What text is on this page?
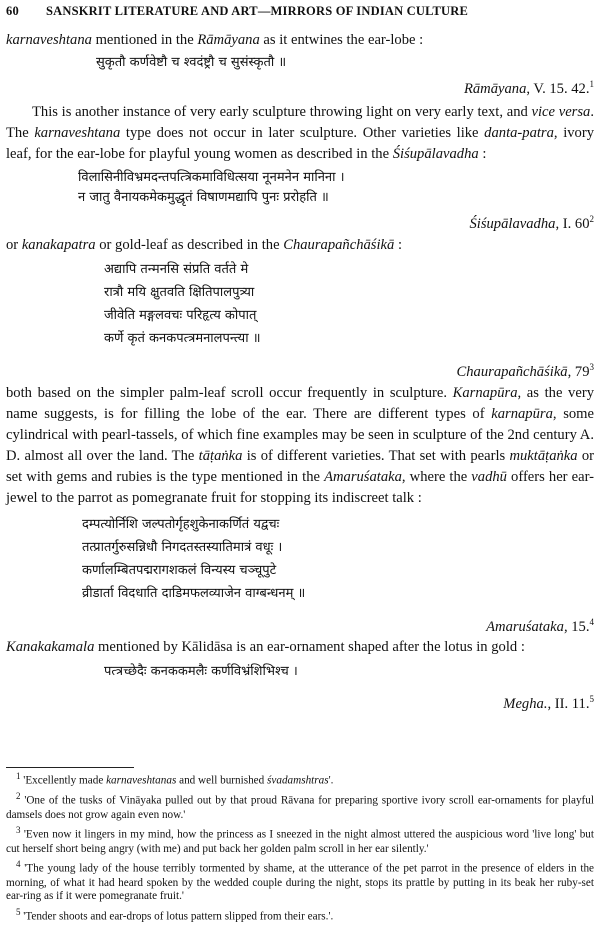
60 SANSKRIT LITERATURE AND ART—MIRRORS OF INDIAN CULTURE

karnaveshtana mentioned in the Rāmāyana as it entwines the ear-lobe :

सुकृतौ कर्णवेष्टौ च श्वदंष्ट्रौ च सुसंस्कृतौ ॥
Rāmāyana, V. 15. 42.$^1$

This is another instance of very early sculpture throwing light on very early text, and vice versa. The karnaveshtana type does not occur in later sculpture. Other varieties like danta-patra, ivory leaf, for the ear-lobe for playful young women as described in the Śiśupālavadha :

विलासिनीविभ्रमदन्तपत्त्रिकमाविधित्सया नूनमनेन मानिना ।
न जातु वैनायकमेकमुद्धृतं विषाणमद्यापि पुनः प्ररोहति ॥
Śiśupālavadha, I. $60^2$

or kanakapatra or gold-leaf as described in the Chaurapañchāśikā :

अद्यापि तन्मनसि संप्रति वर्तते मे
रात्रौ मयि क्षुतवति क्षितिपालपुत्र्या
जीवेति मङ्गलवचः परिहृत्य कोपात्
कर्णे कृतं कनकपत्त्रमनालपन्त्या ॥
Chaurapañchāśikā, $79^3$

both based on the simpler palm-leaf scroll occur frequently in sculpture. Karnapūra, as the very name suggests, is for filling the lobe of the ear. There are different types of karnapūra, some cylindrical with pearl-tassels, of which fine examples may be seen in sculpture of the 2nd century A. D. almost all over the land. The tāṭaṅka is of different varieties. That set with pearls muktāṭaṅka or set with gems and rubies is the type mentioned in the Amaruśataka, where the vadhū offers her ear-jewel to the parrot as pomegranate fruit for stopping its indiscreet talk :

दम्पत्योर्निशि जल्पतोर्गृहशुकेनाकर्णितं यद्वचः
तत्प्रातर्गुरुसन्निधौ निगदतस्तस्यातिमात्रं वधूः ।
कर्णालम्बितपद्मरागशकलं विन्यस्य चञ्चूपुटे
व्रीडार्ता विदधाति दाडिमफलव्याजेन वाग्बन्धनम् ॥
Amaruśataka, 15.$^4$

Kanakakamala mentioned by Kālidāsa is an ear-ornament shaped after the lotus in gold :

पत्त्रच्छेदैः कनककमलैः कर्णविभ्रंशिभिश्च ।
Megha., II. 11.$^5$
$^1$ 'Excellently made karnaveshtanas and well burnished śvadamshtras'.
$^2$ 'One of the tusks of Vināyaka pulled out by that proud Rāvana for preparing sportive ivory scroll ear-ornaments for playful damsels does not grow again even now.'
$^3$ 'Even now it lingers in my mind, how the princess as I sneezed in the night almost uttered the auspicious word 'live long' but cut herself short being angry (with me) and put back her golden palm scroll in her ear silently.'
$^4$ 'The young lady of the house terribly tormented by shame, at the utterance of the pet parrot in the presence of elders in the morning, of what it had heard spoken by the wedded couple during the night, stops its prattle by putting in its beak her ruby-set ear-ring as if it were pomegranate fruit.'
$^5$ 'Tender shoots and ear-drops of lotus pattern slipped from their ears.'.
